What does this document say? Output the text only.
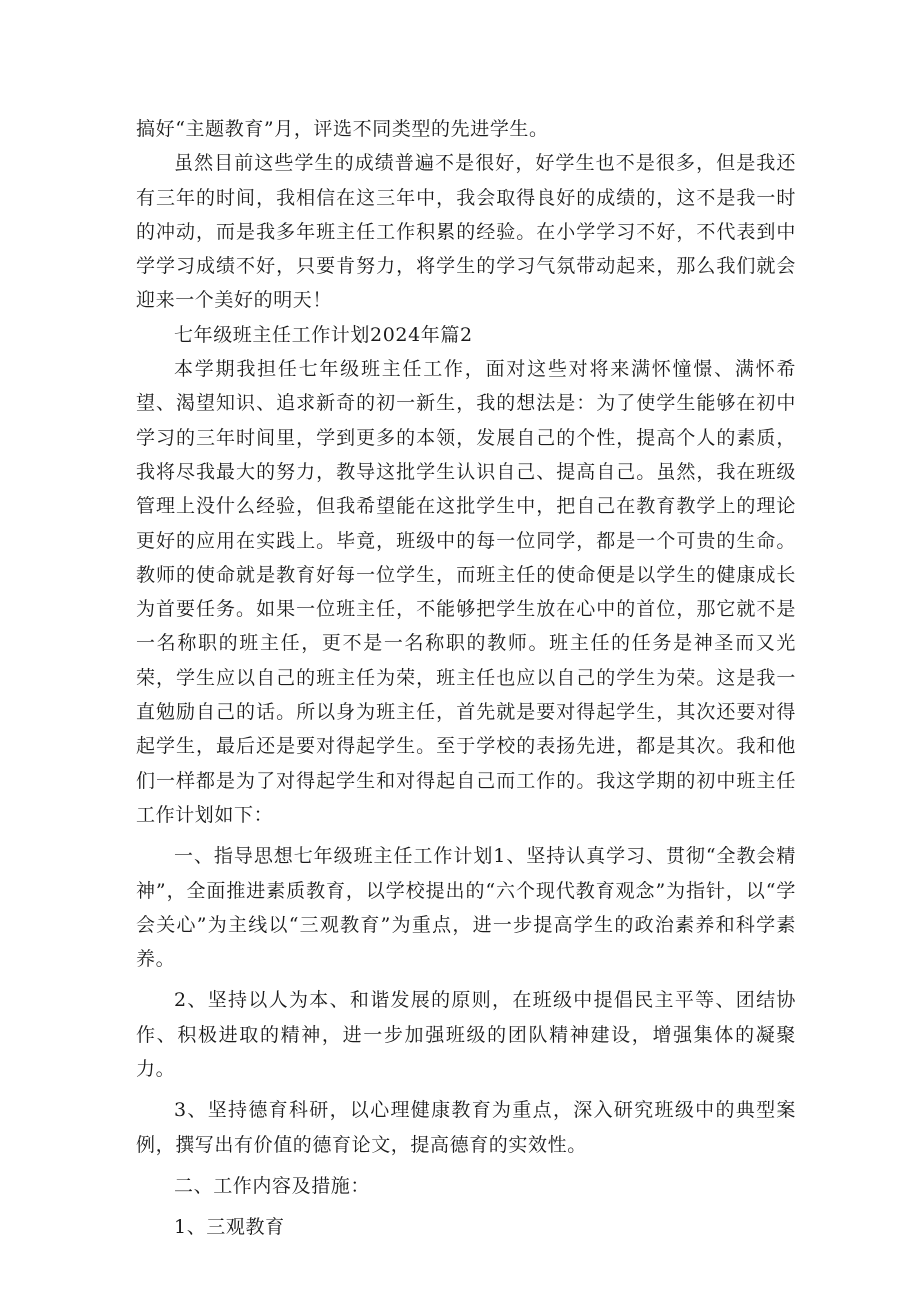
搞好“主题教育”月，评选不同类型的先进学生。

虽然目前这些学生的成绩普遍不是很好，好学生也不是很多，但是我还有三年的时间，我相信在这三年中，我会取得良好的成绩的，这不是我一时的冲动，而是我多年班主任工作积累的经验。在小学学习不好，不代表到中学学习成绩不好，只要肯努力，将学生的学习气氛带动起来，那么我们就会迎来一个美好的明天！

七年级班主任工作计划2024年篇2

本学期我担任七年级班主任工作，面对这些对将来满怀憧憬、满怀希望、渴望知识、追求新奇的初一新生，我的想法是：为了使学生能够在初中学习的三年时间里，学到更多的本领，发展自己的个性，提高个人的素质，我将尽我最大的努力，教导这批学生认识自己、提高自己。虽然，我在班级管理上没什么经验，但我希望能在这批学生中，把自己在教育教学上的理论更好的应用在实践上。毕竟，班级中的每一位同学，都是一个可贵的生命。教师的使命就是教育好每一位学生，而班主任的使命便是以学生的健康成长为首要任务。如果一位班主任，不能够把学生放在心中的首位，那它就不是一名称职的班主任，更不是一名称职的教师。班主任的任务是神圣而又光荣，学生应以自己的班主任为荣，班主任也应以自己的学生为荣。这是我一直勉励自己的话。所以身为班主任，首先就是要对得起学生，其次还要对得起学生，最后还是要对得起学生。至于学校的表扬先进，都是其次。我和他们一样都是为了对得起学生和对得起自己而工作的。我这学期的初中班主任工作计划如下：

一、指导思想七年级班主任工作计划1、坚持认真学习、贯彻“全教会精神”，全面推进素质教育，以学校提出的“六个现代教育观念”为指针，以“学会关心”为主线以“三观教育”为重点，进一步提高学生的政治素养和科学素养。

2、坚持以人为本、和谐发展的原则，在班级中提倡民主平等、团结协作、积极进取的精神，进一步加强班级的团队精神建设，增强集体的凝聚力。

3、坚持德育科研，以心理健康教育为重点，深入研究班级中的典型案例，撰写出有价值的德育论文，提高德育的实效性。

二、工作内容及措施：

1、三观教育
